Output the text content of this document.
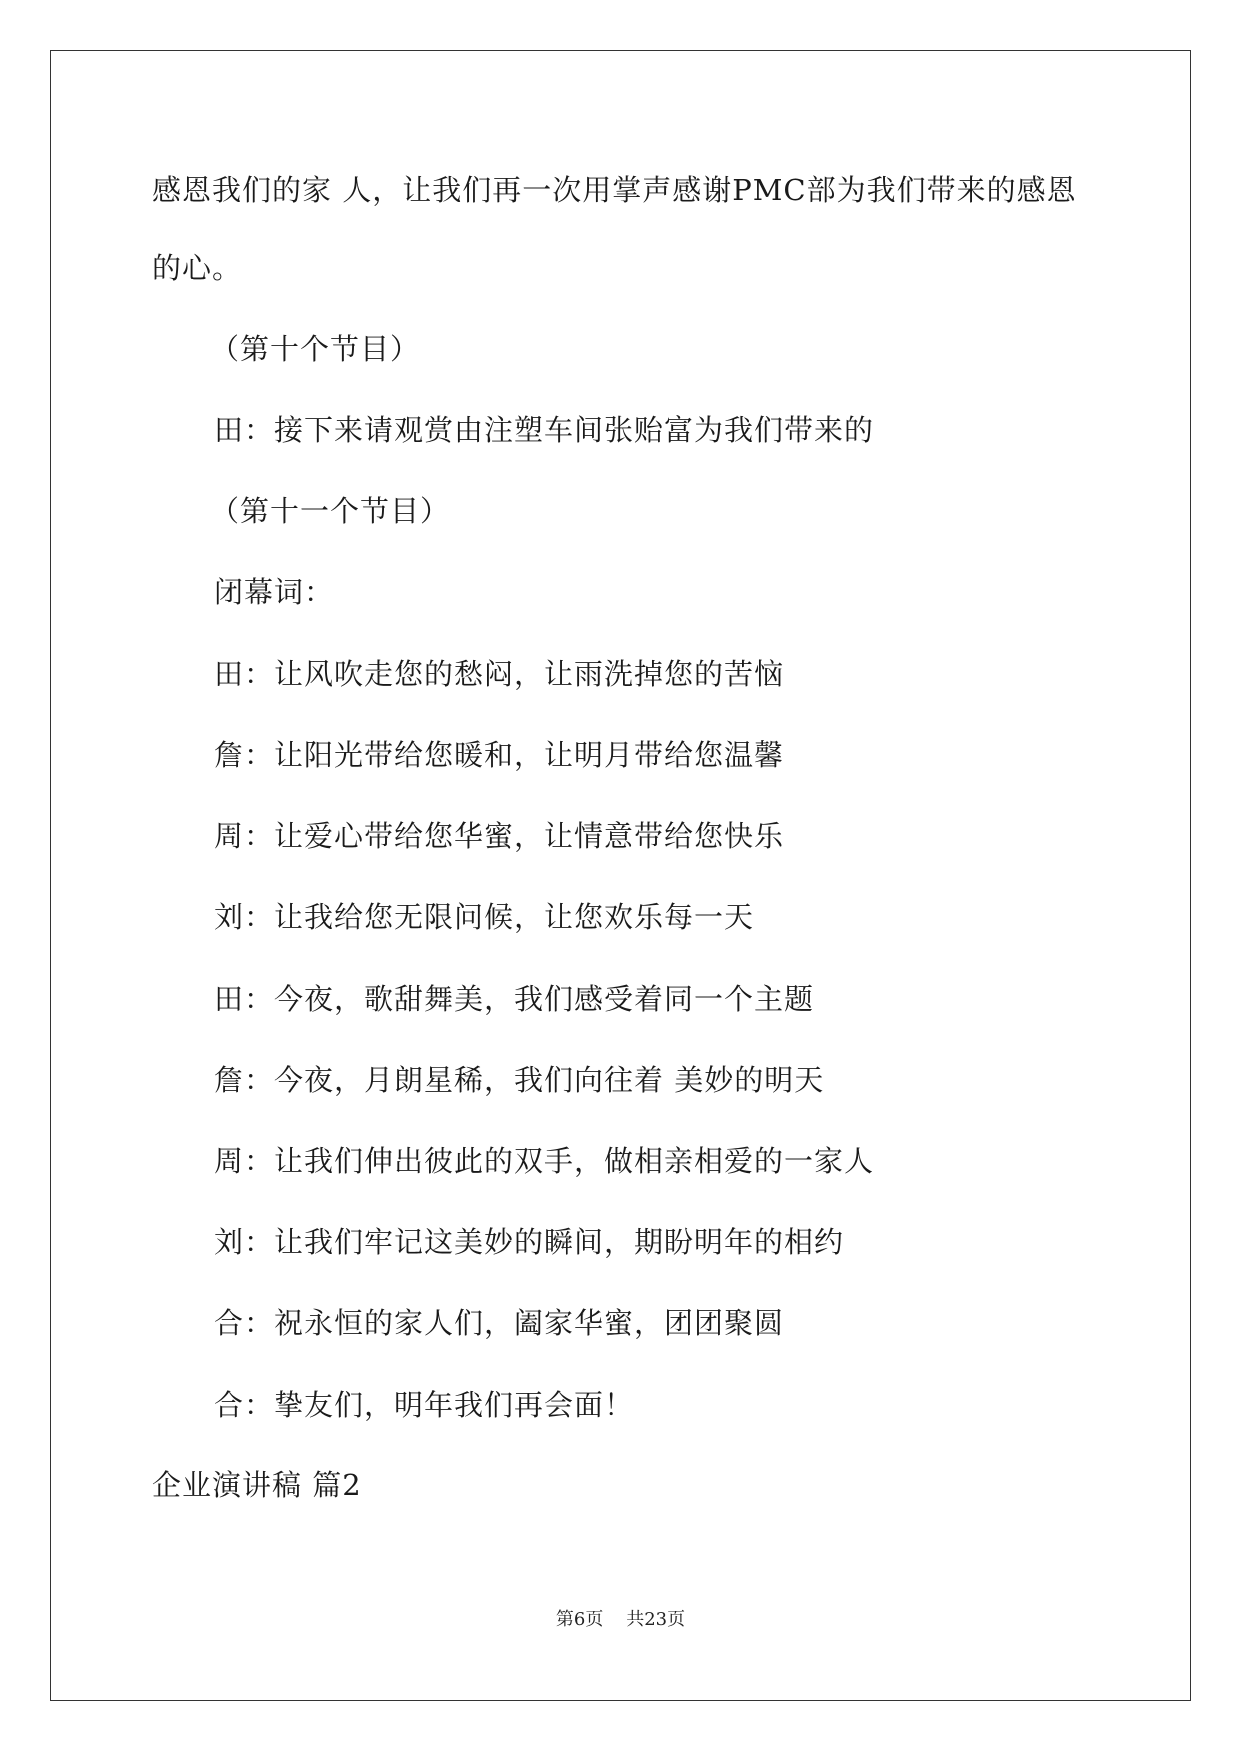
感恩我们的家 人，让我们再一次用掌声感谢PMC部为我们带来的感恩
的心。
（第十个节目）
田：接下来请观赏由注塑车间张贻富为我们带来的
（第十一个节目）
闭幕词：
田：让风吹走您的愁闷，让雨洗掉您的苦恼
詹：让阳光带给您暖和，让明月带给您温馨
周：让爱心带给您华蜜，让情意带给您快乐
刘：让我给您无限问候，让您欢乐每一天
田：今夜，歌甜舞美，我们感受着同一个主题
詹：今夜，月朗星稀，我们向往着 美妙的明天
周：让我们伸出彼此的双手，做相亲相爱的一家人
刘：让我们牢记这美妙的瞬间，期盼明年的相约
合：祝永恒的家人们，阖家华蜜，团团聚圆
合：挚友们，明年我们再会面！
企业演讲稿 篇2
第6页 共23页
